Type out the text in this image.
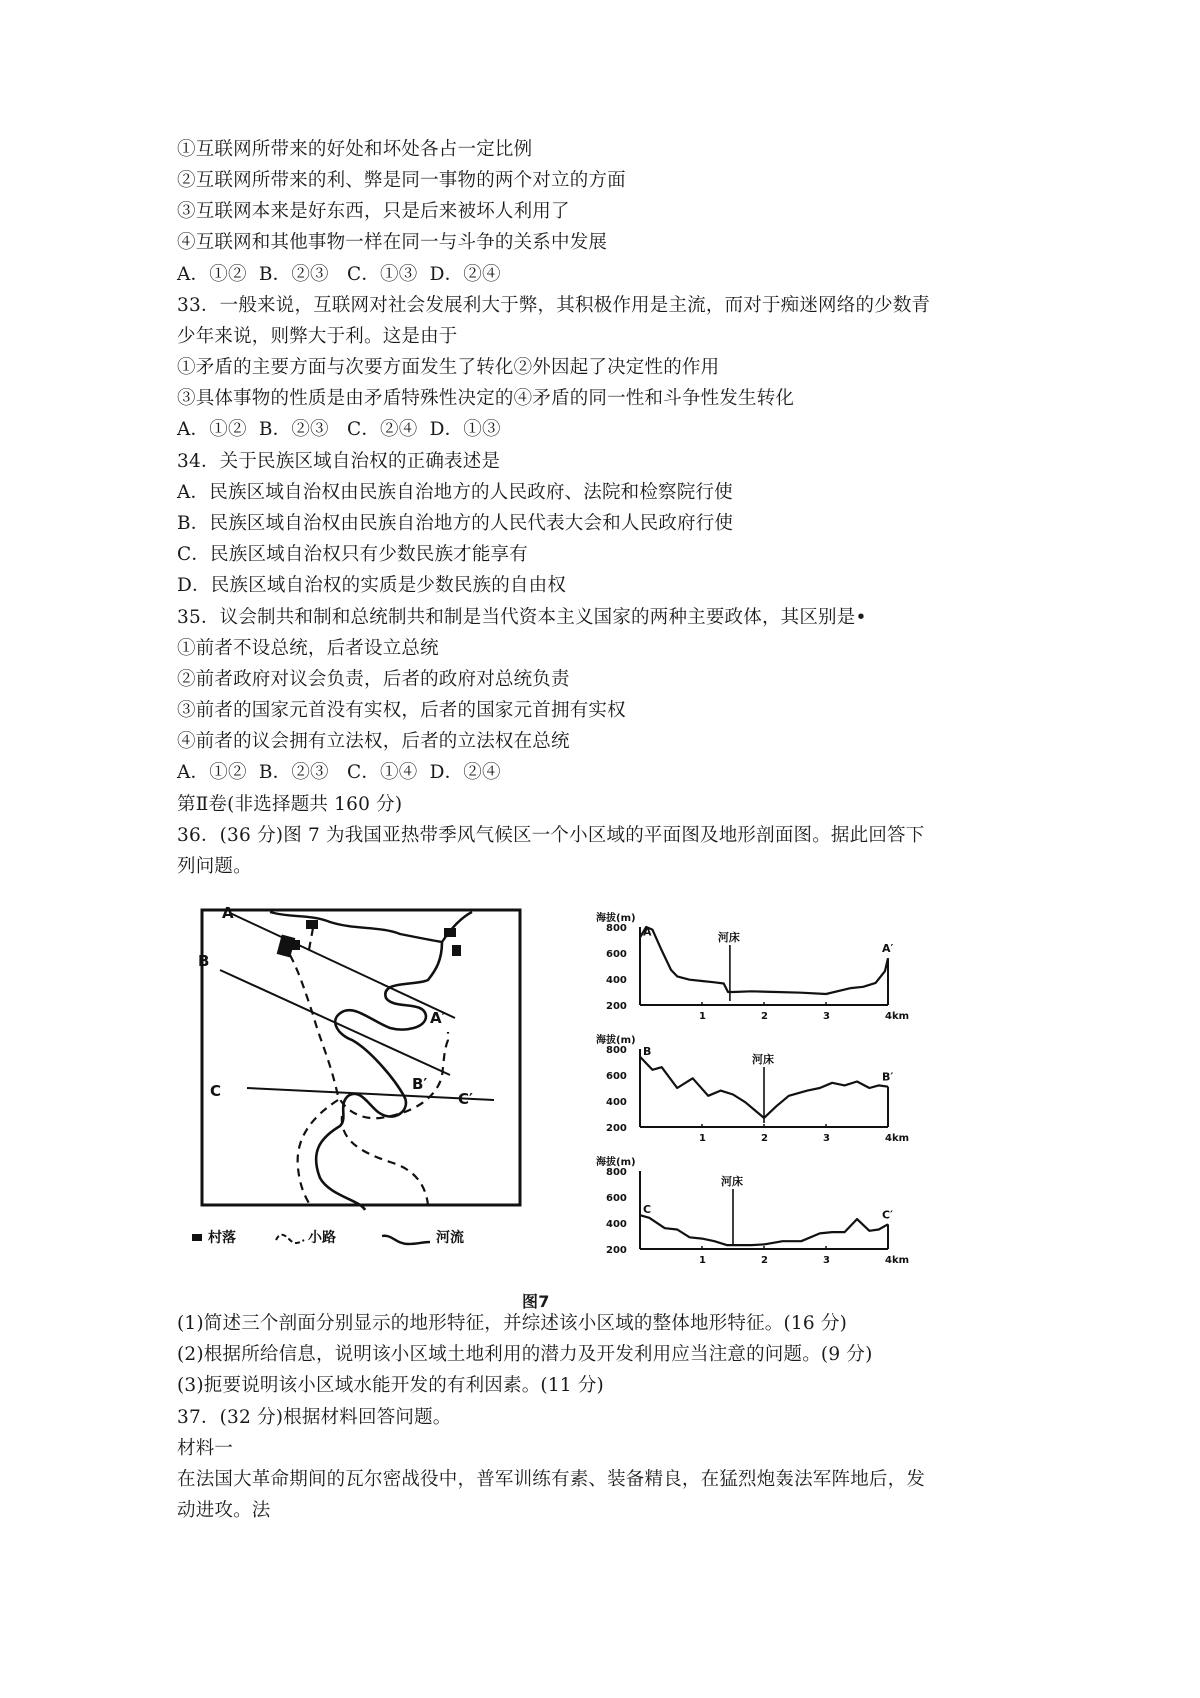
①互联网所带来的好处和坏处各占一定比例
②互联网所带来的利、弊是同一事物的两个对立的方面
③互联网本来是好东西，只是后来被坏人利用了
④互联网和其他事物一样在同一与斗争的关系中发展
A．①②  B．②③   C．①③  D．②④
33．一般来说，互联网对社会发展利大于弊，其积极作用是主流，而对于痴迷网络的少数青
少年来说，则弊大于利。这是由于
①矛盾的主要方面与次要方面发生了转化②外因起了决定性的作用
③具体事物的性质是由矛盾特殊性决定的④矛盾的同一性和斗争性发生转化
A．①②  B．②③   C．②④  D．①③
34．关于民族区域自治权的正确表述是
A．民族区域自治权由民族自治地方的人民政府、法院和检察院行使
B．民族区域自治权由民族自治地方的人民代表大会和人民政府行使
C．民族区域自治权只有少数民族才能享有
D．民族区域自治权的实质是少数民族的自由权
35．议会制共和制和总统制共和制是当代资本主义国家的两种主要政体，其区别是•
①前者不设总统，后者设立总统
②前者政府对议会负责，后者的政府对总统负责
③前者的国家元首没有实权，后者的国家元首拥有实权
④前者的议会拥有立法权，后者的立法权在总统
A．①②  B．②③   C．①④  D．②④
第Ⅱ卷(非选择题共 160 分)
36．(36 分)图 7 为我国亚热带季风气候区一个小区域的平面图及地形剖面图。据此回答下
列问题。
A
A′
B
B′
C	C′
村落	小路	河流
海拔(m)
800
600
400
200
1	2	3	4km
河床
A
A′
海拔(m)
800
600
400
200
1	2	3	4km
河床
B
B′
海拔(m)
800
600
400
200
1	2	3	4km
河床
C	C′
图7
(1)简述三个剖面分别显示的地形特征，并综述该小区域的整体地形特征。(16 分)
(2)根据所给信息，说明该小区域土地利用的潜力及开发利用应当注意的问题。(9 分)
(3)扼要说明该小区域水能开发的有利因素。(11 分)
37．(32 分)根据材料回答问题。
材料一
在法国大革命期间的瓦尔密战役中，普军训练有素、装备精良，在猛烈炮轰法军阵地后，发
动进攻。法
